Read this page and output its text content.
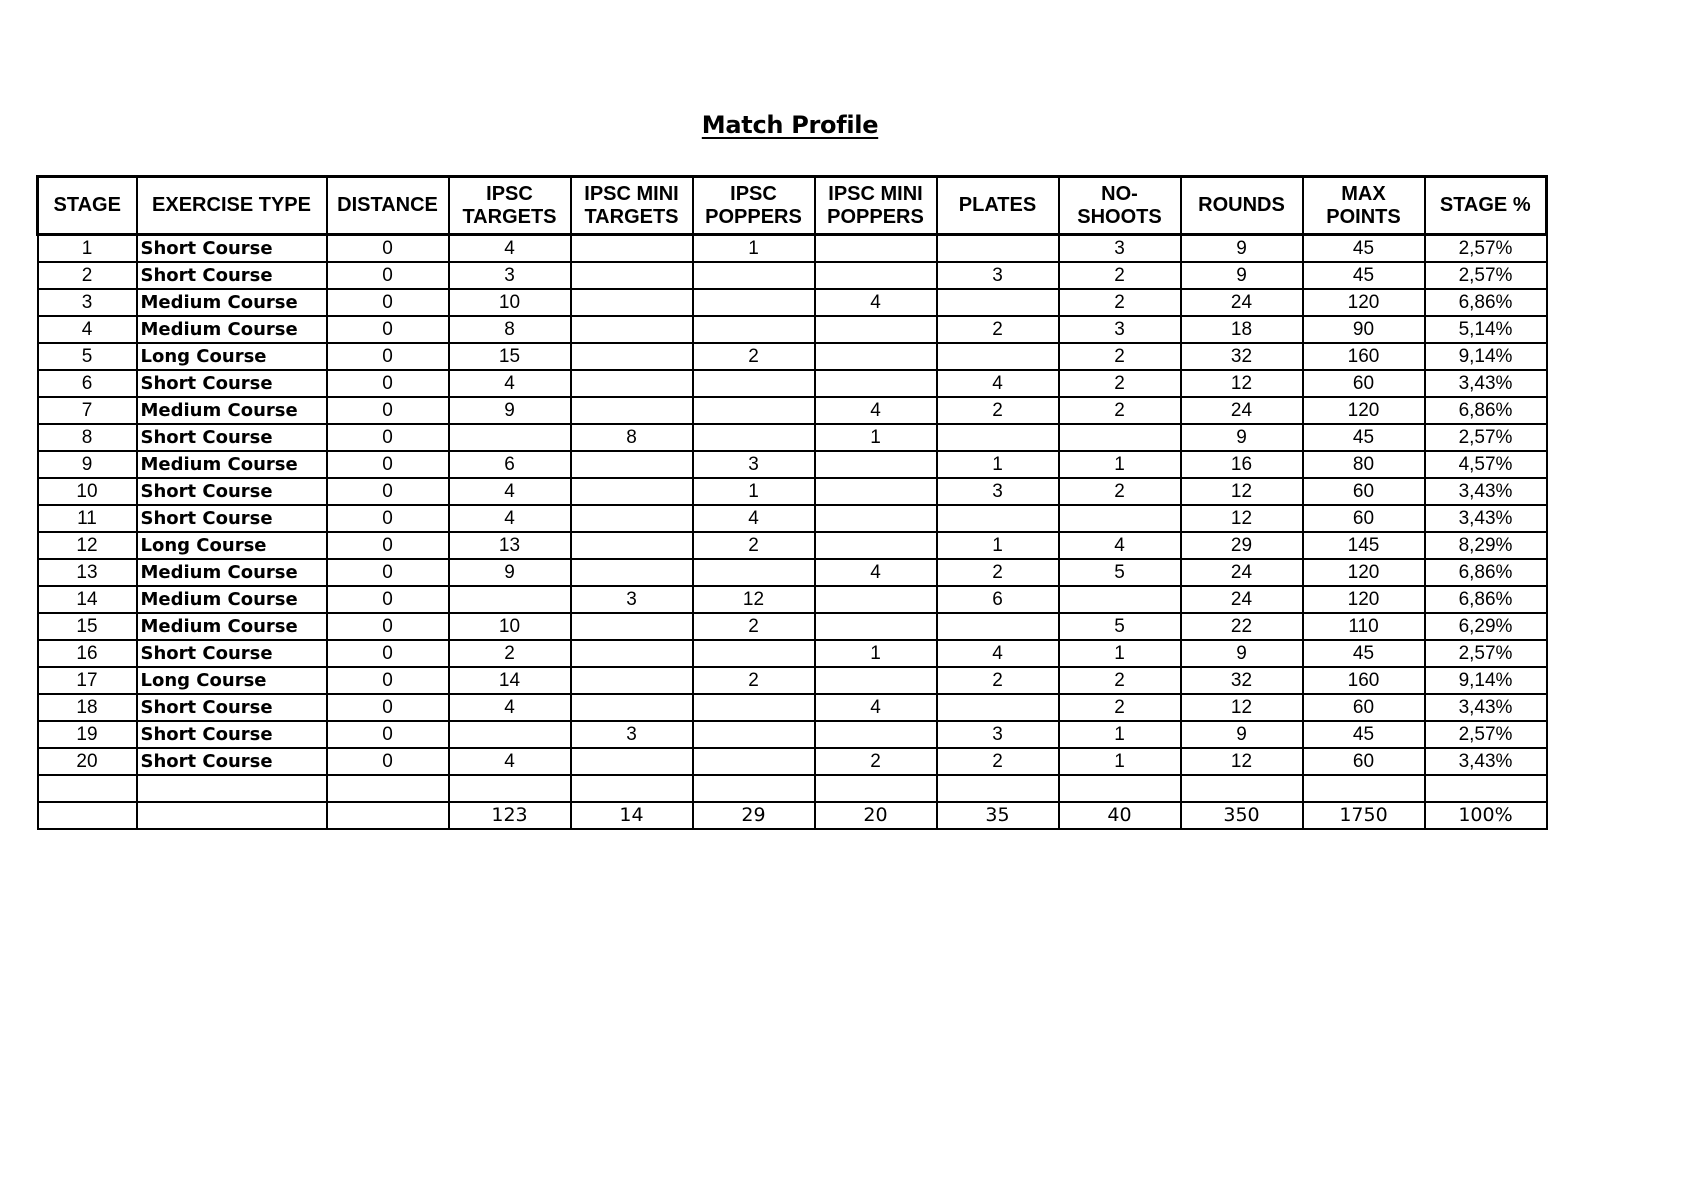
Match Profile
STAGE	EXERCISE TYPE	DISTANCE	IPSC TARGETS	IPSC MINI TARGETS	IPSC POPPERS	IPSC MINI POPPERS	PLATES	NO-SHOOTS	ROUNDS	MAX POINTS	STAGE %
1	Short Course	0	4		1			3	9	45	2,57%
2	Short Course	0	3				3	2	9	45	2,57%
3	Medium Course	0	10			4		2	24	120	6,86%
4	Medium Course	0	8				2	3	18	90	5,14%
5	Long Course	0	15		2			2	32	160	9,14%
6	Short Course	0	4				4	2	12	60	3,43%
7	Medium Course	0	9			4	2	2	24	120	6,86%
8	Short Course	0		8		1			9	45	2,57%
9	Medium Course	0	6		3		1	1	16	80	4,57%
10	Short Course	0	4		1		3	2	12	60	3,43%
11	Short Course	0	4		4				12	60	3,43%
12	Long Course	0	13		2		1	4	29	145	8,29%
13	Medium Course	0	9			4	2	5	24	120	6,86%
14	Medium Course	0		3	12		6		24	120	6,86%
15	Medium Course	0	10		2			5	22	110	6,29%
16	Short Course	0	2			1	4	1	9	45	2,57%
17	Long Course	0	14		2		2	2	32	160	9,14%
18	Short Course	0	4			4		2	12	60	3,43%
19	Short Course	0		3			3	1	9	45	2,57%
20	Short Course	0	4			2	2	1	12	60	3,43%

			123	14	29	20	35	40	350	1750	100%
